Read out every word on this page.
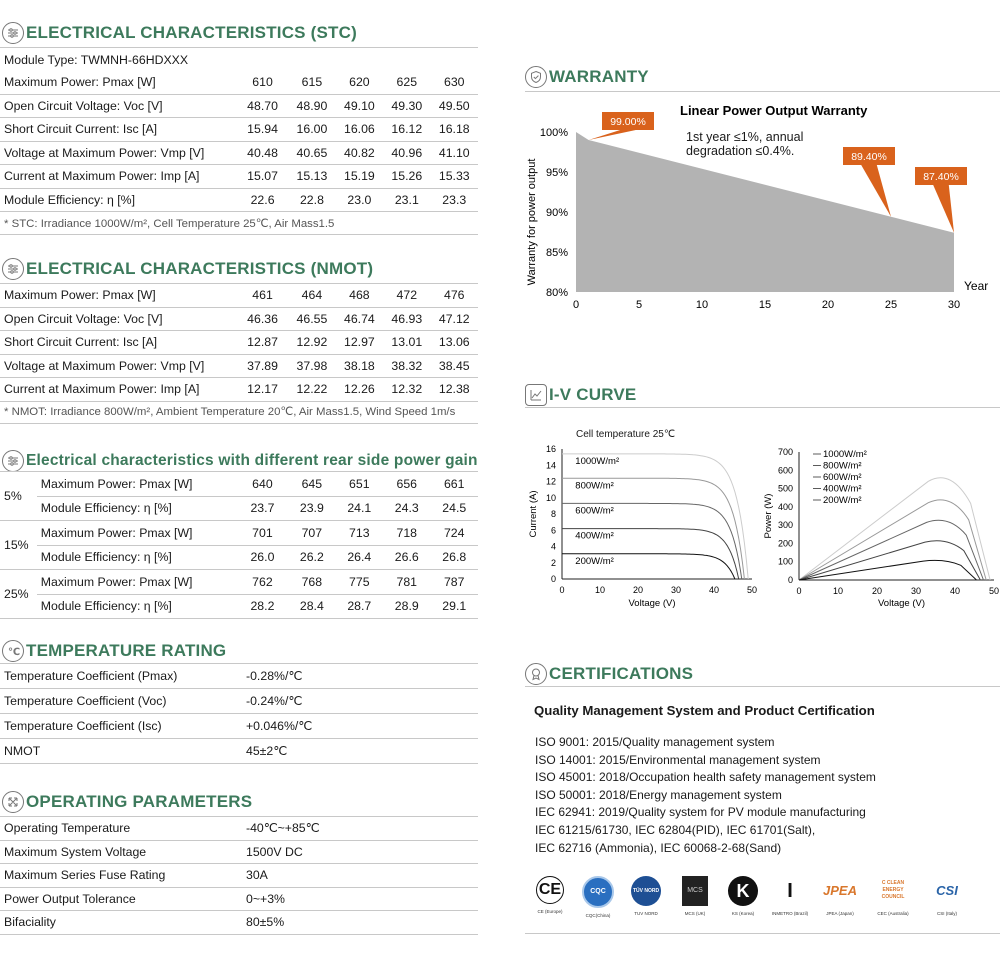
ELECTRICAL CHARACTERISTICS (STC)
Module Type: TWMNH-66HDXXX
Maximum Power: Pmax [W]	610	615	620	625	630
Open Circuit Voltage: Voc [V]	48.70	48.90	49.10	49.30	49.50
Short Circuit Current: Isc [A]	15.94	16.00	16.06	16.12	16.18
Voltage at Maximum Power: Vmp [V]	40.48	40.65	40.82	40.96	41.10
Current at Maximum Power: Imp [A]	15.07	15.13	15.19	15.26	15.33
Module Efficiency: η [%]	22.6	22.8	23.0	23.1	23.3
* STC: Irradiance 1000W/m², Cell Temperature 25℃, Air Mass1.5
ELECTRICAL CHARACTERISTICS (NMOT)
Maximum Power: Pmax [W]	461	464	468	472	476
Open Circuit Voltage: Voc [V]	46.36	46.55	46.74	46.93	47.12
Short Circuit Current: Isc [A]	12.87	12.92	12.97	13.01	13.06
Voltage at Maximum Power: Vmp [V]	37.89	37.98	38.18	38.32	38.45
Current at Maximum Power: Imp [A]	12.17	12.22	12.26	12.32	12.38
* NMOT: Irradiance 800W/m², Ambient Temperature 20℃, Air Mass1.5, Wind Speed 1m/s
Electrical characteristics with different rear side power gain
5%	Maximum Power: Pmax [W]	640	645	651	656	661
	Module Efficiency: η [%]	23.7	23.9	24.1	24.3	24.5
15%	Maximum Power: Pmax [W]	701	707	713	718	724
	Module Efficiency: η [%]	26.0	26.2	26.4	26.6	26.8
25%	Maximum Power: Pmax [W]	762	768	775	781	787
	Module Efficiency: η [%]	28.2	28.4	28.7	28.9	29.1
℃ TEMPERATURE RATING
Temperature Coefficient (Pmax)	-0.28%/℃
Temperature Coefficient (Voc)	-0.24%/℃
Temperature Coefficient (Isc)	+0.046%/℃
NMOT	45±2℃
OPERATING PARAMETERS
Operating Temperature	-40℃~+85℃
Maximum System Voltage	1500V DC
Maximum Series Fuse Rating	30A
Power Output Tolerance	0~+3%
Bifaciality	80±5%
WARRANTY
Linear Power Output Warranty
80%
85%
90%
95%
100%
0	5	10	15	20	25	30
Year
Warranty for power output
99.00%
89.40%
87.40%
1st year ≤1%, annual
degradation ≤0.4%.
I-V CURVE
Cell temperature 25℃
0
2
4
6
8
10
12
14
16
0	10	20	30	40	50
Voltage (V)
Current (A)
1000W/m²
800W/m²
600W/m²
400W/m²
200W/m²
0
100
200
300
400
500
600
700
0	10	20	30	40	50
Voltage (V)
Power (W)
1000W/m²
800W/m²
600W/m²
400W/m²
200W/m²
CERTIFICATIONS
Quality Management System and Product Certification
ISO 9001: 2015/Quality management system
ISO 14001: 2015/Environmental management system
ISO 45001: 2018/Occupation health safety management system
ISO 50001: 2018/Energy management system
IEC 62941: 2019/Quality system for PV module manufacturing
IEC 61215/61730, IEC 62804(PID), IEC 61701(Salt),
IEC 62716 (Ammonia), IEC 60068-2-68(Sand)
CE
CE (Europe)
CQC
CQC(China)
TÜV NORD
TUV NORD
MCS
MCS (UK)
K
KS (Korea)
I
INMETRO (Brazil)
JPEA
JPEA (Japan)
C CLEAN ENERGY COUNCIL
CEC (Australia)
CSI
CSI (Italy)
